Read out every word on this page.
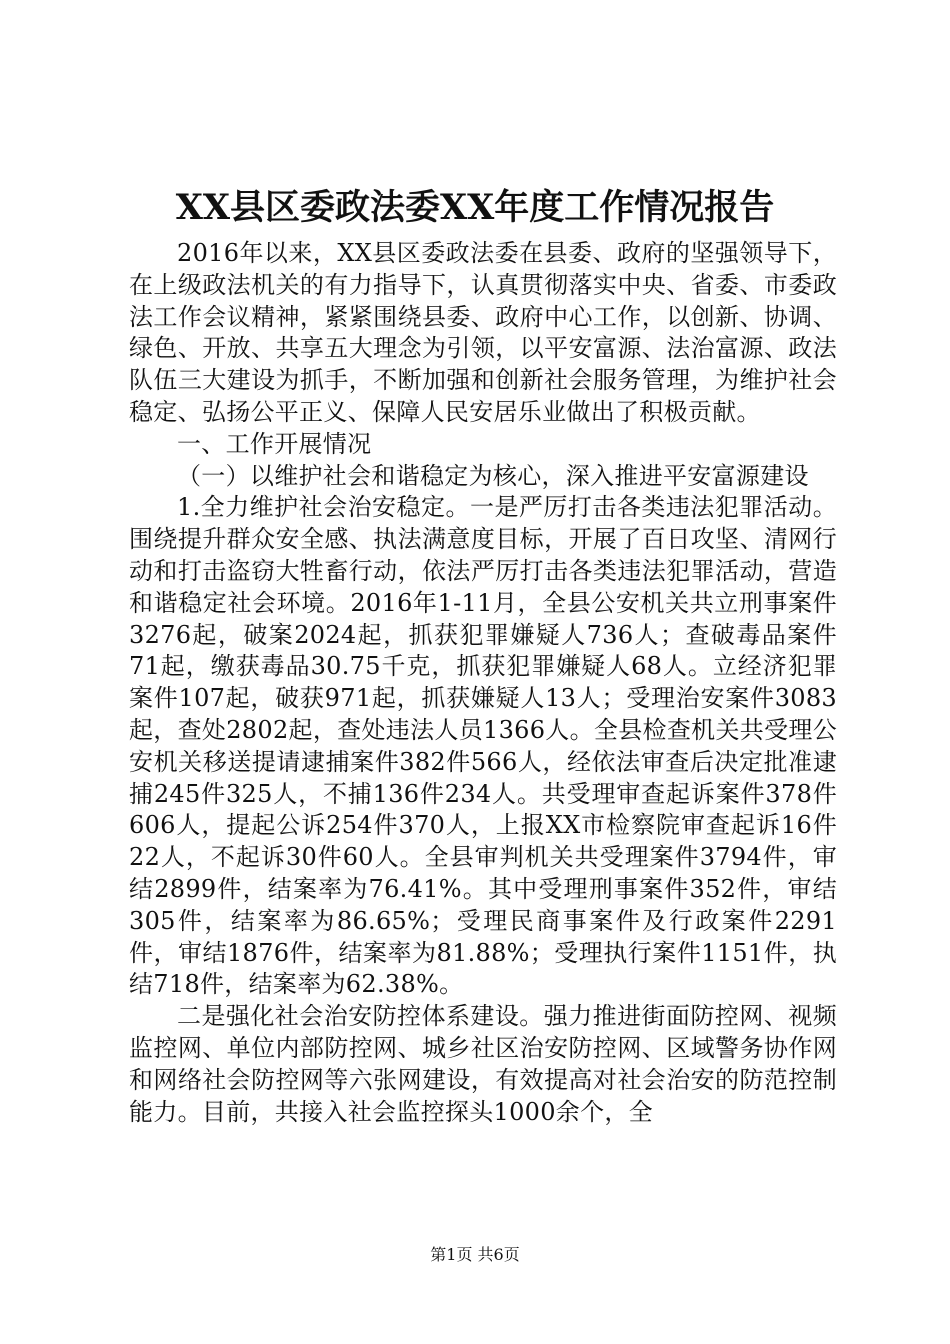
XX县区委政法委XX年度工作情况报告

2016年以来，XX县区委政法委在县委、政府的坚强领导下，在上级政法机关的有力指导下，认真贯彻落实中央、省委、市委政法工作会议精神，紧紧围绕县委、政府中心工作，以创新、协调、绿色、开放、共享五大理念为引领，以平安富源、法治富源、政法队伍三大建设为抓手，不断加强和创新社会服务管理，为维护社会稳定、弘扬公平正义、保障人民安居乐业做出了积极贡献。

一、工作开展情况

（一）以维护社会和谐稳定为核心，深入推进平安富源建设

1.全力维护社会治安稳定。一是严厉打击各类违法犯罪活动。围绕提升群众安全感、执法满意度目标，开展了百日攻坚、清网行动和打击盗窃大牲畜行动，依法严厉打击各类违法犯罪活动，营造和谐稳定社会环境。2016年1-11月，全县公安机关共立刑事案件3276起，破案2024起，抓获犯罪嫌疑人736人；查破毒品案件71起，缴获毒品30.75千克，抓获犯罪嫌疑人68人。立经济犯罪案件107起，破获971起，抓获嫌疑人13人；受理治安案件3083起，查处2802起，查处违法人员1366人。全县检查机关共受理公安机关移送提请逮捕案件382件566人，经依法审查后决定批准逮捕245件325人，不捕136件234人。共受理审查起诉案件378件606人，提起公诉254件370人，上报XX市检察院审查起诉16件22人，不起诉30件60人。全县审判机关共受理案件3794件，审结2899件，结案率为76.41%。其中受理刑事案件352件，审结305件，结案率为86.65%；受理民商事案件及行政案件2291件，审结1876件，结案率为81.88%；受理执行案件1151件，执结718件，结案率为62.38%。

二是强化社会治安防控体系建设。强力推进街面防控网、视频监控网、单位内部防控网、城乡社区治安防控网、区域警务协作网和网络社会防控网等六张网建设，有效提高对社会治安的防范控制能力。目前，共接入社会监控探头1000余个，全

第1页 共6页
